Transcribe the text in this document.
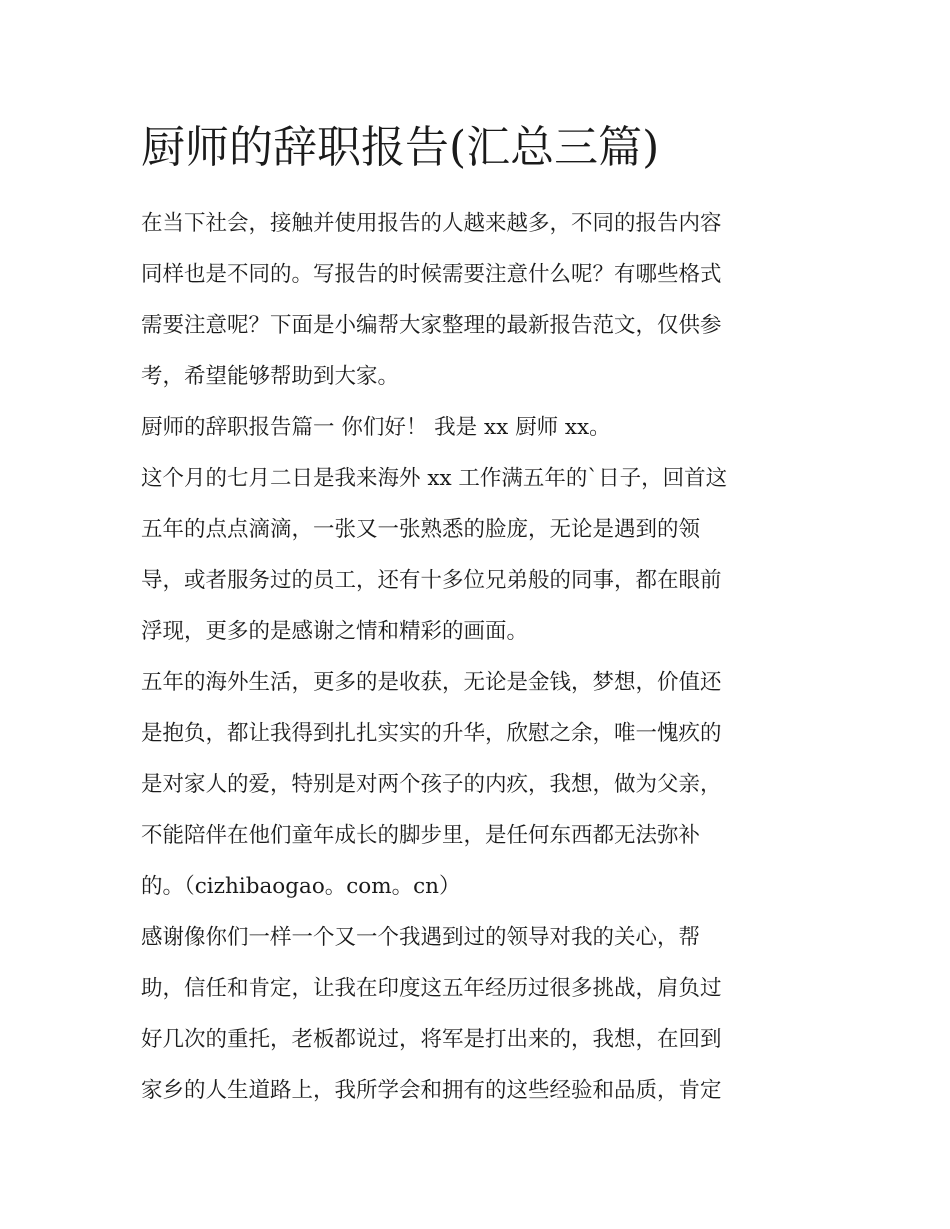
厨师的辞职报告(汇总三篇)

在当下社会，接触并使用报告的人越来越多，不同的报告内容
同样也是不同的。写报告的时候需要注意什么呢？有哪些格式
需要注意呢？下面是小编帮大家整理的最新报告范文，仅供参
考，希望能够帮助到大家。

厨师的辞职报告篇一 你们好！ 我是 xx 厨师 xx。

这个月的七月二日是我来海外 xx 工作满五年的`日子，回首这
五年的点点滴滴，一张又一张熟悉的脸庞，无论是遇到的领
导，或者服务过的员工，还有十多位兄弟般的同事，都在眼前
浮现，更多的是感谢之情和精彩的画面。

五年的海外生活，更多的是收获，无论是金钱，梦想，价值还
是抱负，都让我得到扎扎实实的升华，欣慰之余，唯一愧疚的
是对家人的爱，特别是对两个孩子的内疚，我想，做为父亲，
不能陪伴在他们童年成长的脚步里，是任何东西都无法弥补
的。（cizhibaogao。com。cn）

感谢像你们一样一个又一个我遇到过的领导对我的关心，帮
助，信任和肯定，让我在印度这五年经历过很多挑战，肩负过
好几次的重托，老板都说过，将军是打出来的，我想，在回到
家乡的人生道路上，我所学会和拥有的这些经验和品质，肯定
